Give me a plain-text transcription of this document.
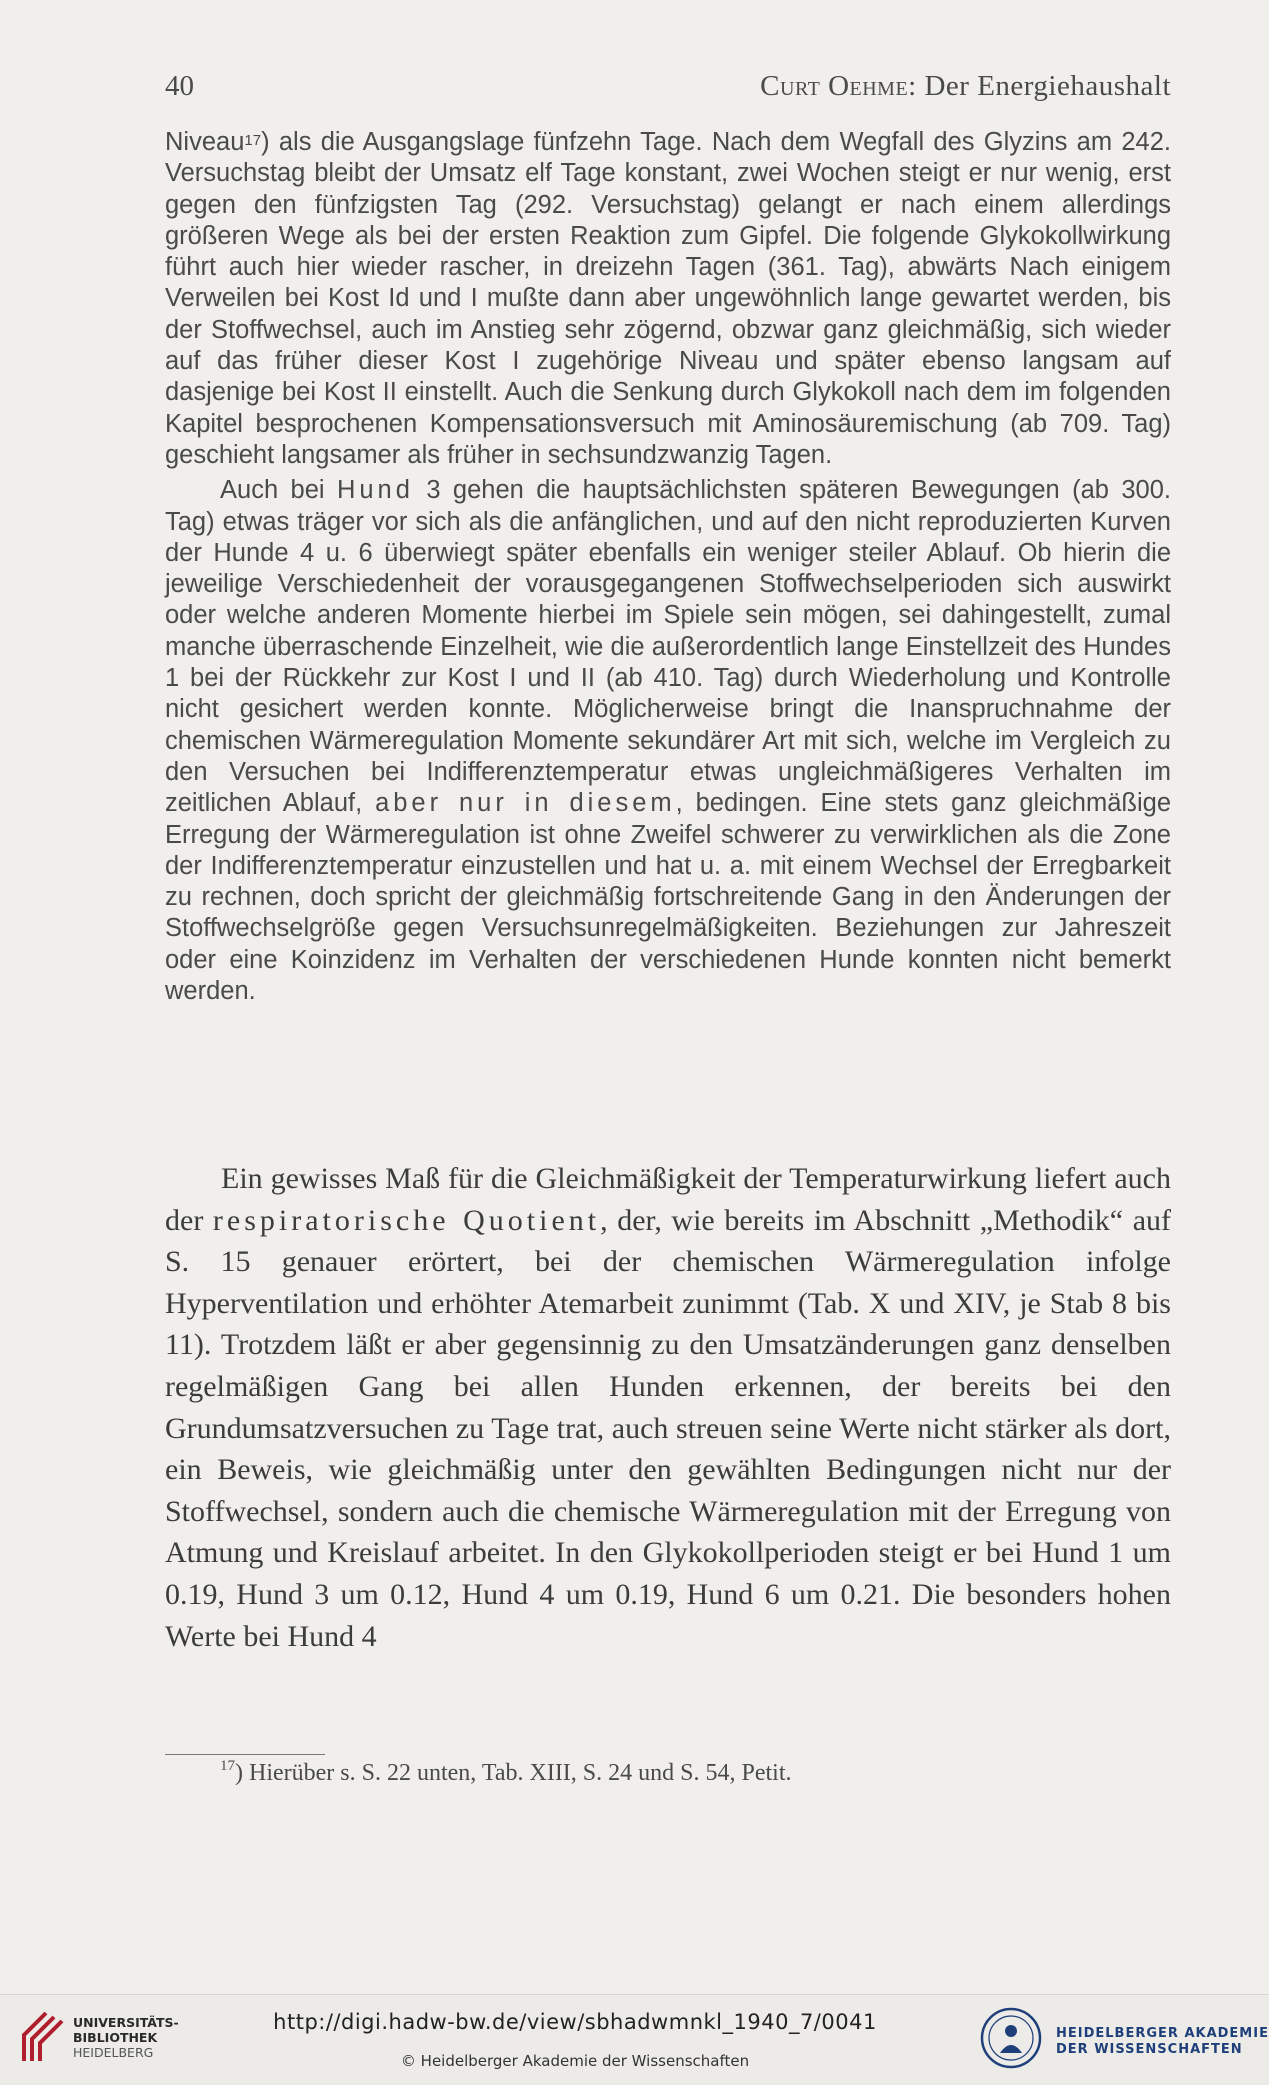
40	Curt Oehme: Der Energiehaushalt

Niveau$^{17}$) als die Ausgangslage fünfzehn Tage. Nach dem Wegfall des Glyzins am 242. Versuchstag bleibt der Umsatz elf Tage konstant, zwei Wochen steigt er nur wenig, erst gegen den fünfzigsten Tag (292. Versuchstag) gelangt er nach einem allerdings größeren Wege als bei der ersten Reaktion zum Gipfel. Die folgende Glykokollwirkung führt auch hier wieder rascher, in dreizehn Tagen (361. Tag), abwärts Nach einigem Verweilen bei Kost Id und I mußte dann aber ungewöhnlich lange gewartet werden, bis der Stoffwechsel, auch im Anstieg sehr zögernd, obzwar ganz gleichmäßig, sich wieder auf das früher dieser Kost I zugehörige Niveau und später ebenso langsam auf dasjenige bei Kost II einstellt. Auch die Senkung durch Glykokoll nach dem im folgenden Kapitel besprochenen Kompensationsversuch mit Aminosäuremischung (ab 709. Tag) geschieht langsamer als früher in sechsundzwanzig Tagen.

Auch bei Hund 3 gehen die hauptsächlichsten späteren Bewegungen (ab 300. Tag) etwas träger vor sich als die anfänglichen, und auf den nicht reproduzierten Kurven der Hunde 4 u. 6 überwiegt später ebenfalls ein weniger steiler Ablauf. Ob hierin die jeweilige Verschiedenheit der vorausgegangenen Stoffwechselperioden sich auswirkt oder welche anderen Momente hierbei im Spiele sein mögen, sei dahingestellt, zumal manche überraschende Einzelheit, wie die außerordentlich lange Einstellzeit des Hundes 1 bei der Rückkehr zur Kost I und II (ab 410. Tag) durch Wiederholung und Kontrolle nicht gesichert werden konnte. Möglicherweise bringt die Inanspruchnahme der chemischen Wärmeregulation Momente sekundärer Art mit sich, welche im Vergleich zu den Versuchen bei Indifferenztemperatur etwas ungleichmäßigeres Verhalten im zeitlichen Ablauf, aber nur in diesem, bedingen. Eine stets ganz gleichmäßige Erregung der Wärmeregulation ist ohne Zweifel schwerer zu verwirklichen als die Zone der Indifferenztemperatur einzustellen und hat u. a. mit einem Wechsel der Erregbarkeit zu rechnen, doch spricht der gleichmäßig fortschreitende Gang in den Änderungen der Stoffwechselgröße gegen Versuchsunregelmäßigkeiten. Beziehungen zur Jahreszeit oder eine Koinzidenz im Verhalten der verschiedenen Hunde konnten nicht bemerkt werden.

Ein gewisses Maß für die Gleichmäßigkeit der Temperaturwirkung liefert auch der respiratorische Quotient, der, wie bereits im Abschnitt „Methodik“ auf S. 15 genauer erörtert, bei der chemischen Wärmeregulation infolge Hyperventilation und erhöhter Atemarbeit zunimmt (Tab. X und XIV, je Stab 8 bis 11). Trotzdem läßt er aber gegensinnig zu den Umsatzänderungen ganz denselben regelmäßigen Gang bei allen Hunden erkennen, der bereits bei den Grundumsatzversuchen zu Tage trat, auch streuen seine Werte nicht stärker als dort, ein Beweis, wie gleichmäßig unter den gewählten Bedingungen nicht nur der Stoffwechsel, sondern auch die chemische Wärmeregulation mit der Erregung von Atmung und Kreislauf arbeitet. In den Glykokollperioden steigt er bei Hund 1 um 0.19, Hund 3 um 0.12, Hund 4 um 0.19, Hund 6 um 0.21. Die besonders hohen Werte bei Hund 4

$^{17}$) Hierüber s. S. 22 unten, Tab. XIII, S. 24 und S. 54, Petit.
UNIVERSITÄTS-
BIBLIOTHEK
HEIDELBERG
http://digi.hadw-bw.de/view/sbhadwmnkl_1940_7/0041
© Heidelberger Akademie der Wissenschaften
HEIDELBERGER AKADEMIE
DER WISSENSCHAFTEN
